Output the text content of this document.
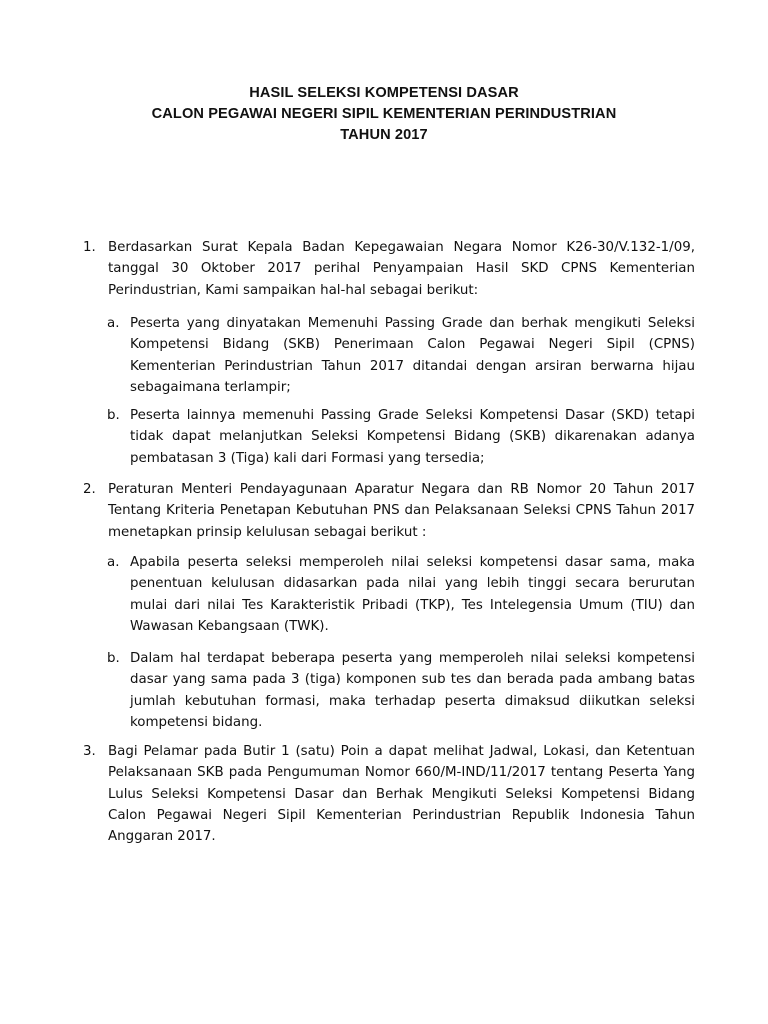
HASIL SELEKSI KOMPETENSI DASAR
CALON PEGAWAI NEGERI SIPIL KEMENTERIAN PERINDUSTRIAN
TAHUN 2017
1. Berdasarkan Surat Kepala Badan Kepegawaian Negara Nomor K26-30/V.132-1/09, tanggal 30 Oktober 2017 perihal Penyampaian Hasil SKD CPNS Kementerian Perindustrian, Kami sampaikan hal-hal sebagai berikut:
a. Peserta yang dinyatakan Memenuhi Passing Grade dan berhak mengikuti Seleksi Kompetensi Bidang (SKB) Penerimaan Calon Pegawai Negeri Sipil (CPNS) Kementerian Perindustrian Tahun 2017 ditandai dengan arsiran berwarna hijau sebagaimana terlampir;
b. Peserta lainnya memenuhi Passing Grade Seleksi Kompetensi Dasar (SKD) tetapi tidak dapat melanjutkan Seleksi Kompetensi Bidang (SKB) dikarenakan adanya pembatasan 3 (Tiga) kali dari Formasi yang tersedia;
2. Peraturan Menteri Pendayagunaan Aparatur Negara dan RB Nomor 20 Tahun 2017 Tentang Kriteria Penetapan Kebutuhan PNS dan Pelaksanaan Seleksi CPNS Tahun 2017 menetapkan prinsip kelulusan sebagai berikut :
a. Apabila peserta seleksi memperoleh nilai seleksi kompetensi dasar sama, maka penentuan kelulusan didasarkan pada nilai yang lebih tinggi secara berurutan mulai dari nilai Tes Karakteristik Pribadi (TKP), Tes Intelegensia Umum (TIU) dan Wawasan Kebangsaan (TWK).
b. Dalam hal terdapat beberapa peserta yang memperoleh nilai seleksi kompetensi dasar yang sama pada 3 (tiga) komponen sub tes dan berada pada ambang batas jumlah kebutuhan formasi, maka terhadap peserta dimaksud diikutkan seleksi kompetensi bidang.
3. Bagi Pelamar pada Butir 1 (satu) Poin a dapat melihat Jadwal, Lokasi, dan Ketentuan Pelaksanaan SKB pada Pengumuman Nomor 660/M-IND/11/2017 tentang Peserta Yang Lulus Seleksi Kompetensi Dasar dan Berhak Mengikuti Seleksi Kompetensi Bidang Calon Pegawai Negeri Sipil Kementerian Perindustrian Republik Indonesia Tahun Anggaran 2017.
